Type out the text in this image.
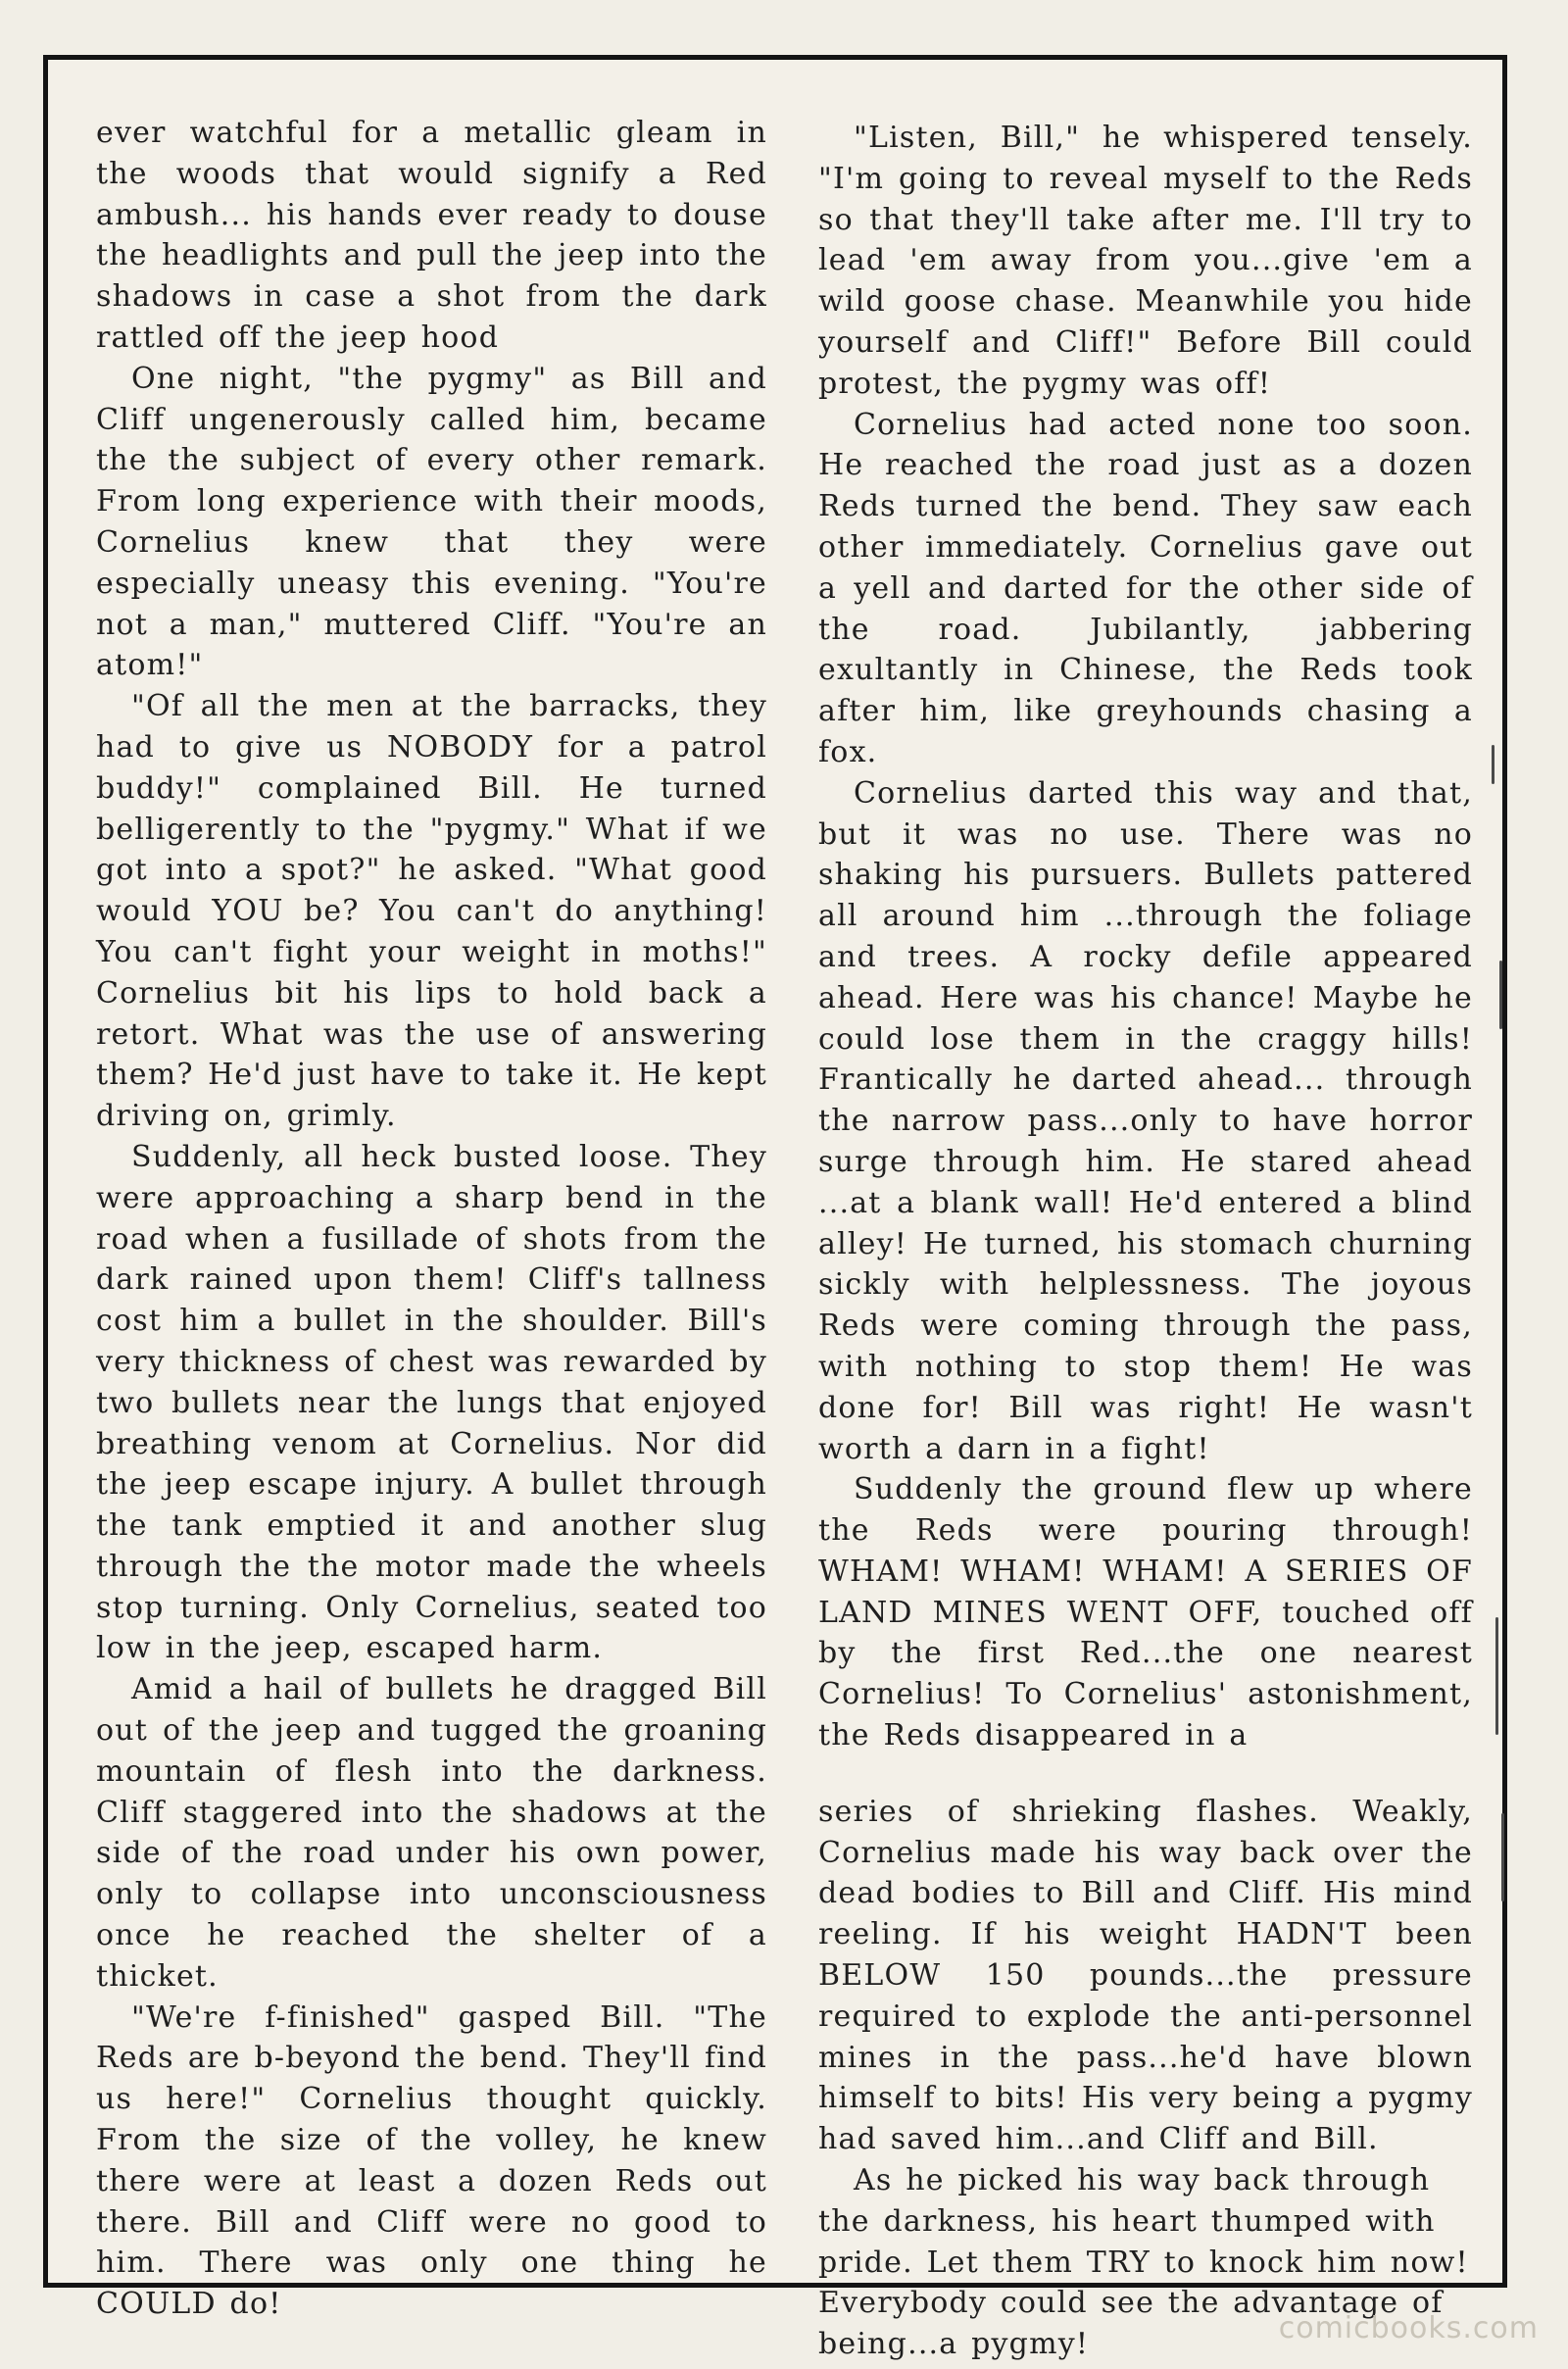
ever watchful for a metallic gleam in the woods that would signify a Red ambush... his hands ever ready to douse the headlights and pull the jeep into the shadows in case a shot from the dark rattled off the jeep hood

One night, "the pygmy" as Bill and Cliff ungenerously called him, became the the subject of every other remark. From long experience with their moods, Cornelius knew that they were especially uneasy this evening. "You're not a man," muttered Cliff. "You're an atom!"

"Of all the men at the barracks, they had to give us NOBODY for a patrol buddy!" complained Bill. He turned belligerently to the "pygmy." What if we got into a spot?" he asked. "What good would YOU be? You can't do anything! You can't fight your weight in moths!" Cornelius bit his lips to hold back a retort. What was the use of answering them? He'd just have to take it. He kept driving on, grimly.

Suddenly, all heck busted loose. They were approaching a sharp bend in the road when a fusillade of shots from the dark rained upon them! Cliff's tallness cost him a bullet in the shoulder. Bill's very thickness of chest was rewarded by two bullets near the lungs that enjoyed breathing venom at Cornelius. Nor did the jeep escape injury. A bullet through the tank emptied it and another slug through the the motor made the wheels stop turning. Only Cornelius, seated too low in the jeep, escaped harm.

Amid a hail of bullets he dragged Bill out of the jeep and tugged the groaning mountain of flesh into the darkness. Cliff staggered into the shadows at the side of the road under his own power, only to collapse into unconsciousness once he reached the shelter of a thicket.

"We're f-finished" gasped Bill. "The Reds are b-beyond the bend. They'll find us here!" Cornelius thought quickly. From the size of the volley, he knew there were at least a dozen Reds out there. Bill and Cliff were no good to him. There was only one thing he COULD do!

"Listen, Bill," he whispered tensely. "I'm going to reveal myself to the Reds so that they'll take after me. I'll try to lead 'em away from you...give 'em a wild goose chase. Meanwhile you hide yourself and Cliff!" Before Bill could protest, the pygmy was off!

Cornelius had acted none too soon. He reached the road just as a dozen Reds turned the bend. They saw each other immediately. Cornelius gave out a yell and darted for the other side of the road. Jubilantly, jabbering exultantly in Chinese, the Reds took after him, like greyhounds chasing a fox.

Cornelius darted this way and that, but it was no use. There was no shaking his pursuers. Bullets pattered all around him ...through the foliage and trees. A rocky defile appeared ahead. Here was his chance! Maybe he could lose them in the craggy hills! Frantically he darted ahead... through the narrow pass...only to have horror surge through him. He stared ahead ...at a blank wall! He'd entered a blind alley! He turned, his stomach churning sickly with helplessness. The joyous Reds were coming through the pass, with nothing to stop them! He was done for! Bill was right! He wasn't worth a darn in a fight!

Suddenly the ground flew up where the Reds were pouring through! WHAM! WHAM! WHAM! A SERIES OF LAND MINES WENT OFF, touched off by the first Red...the one nearest Cornelius! To Cornelius' astonishment, the Reds disappeared in a

series of shrieking flashes. Weakly, Cornelius made his way back over the dead bodies to Bill and Cliff. His mind reeling. If his weight HADN'T been BELOW 150 pounds...the pressure required to explode the anti-personnel mines in the pass...he'd have blown himself to bits! His very being a pygmy had saved him...and Cliff and Bill.

As he picked his way back through the darkness, his heart thumped with pride. Let them TRY to knock him now! Everybody could see the advantage of being...a pygmy!	comicbooks.com
